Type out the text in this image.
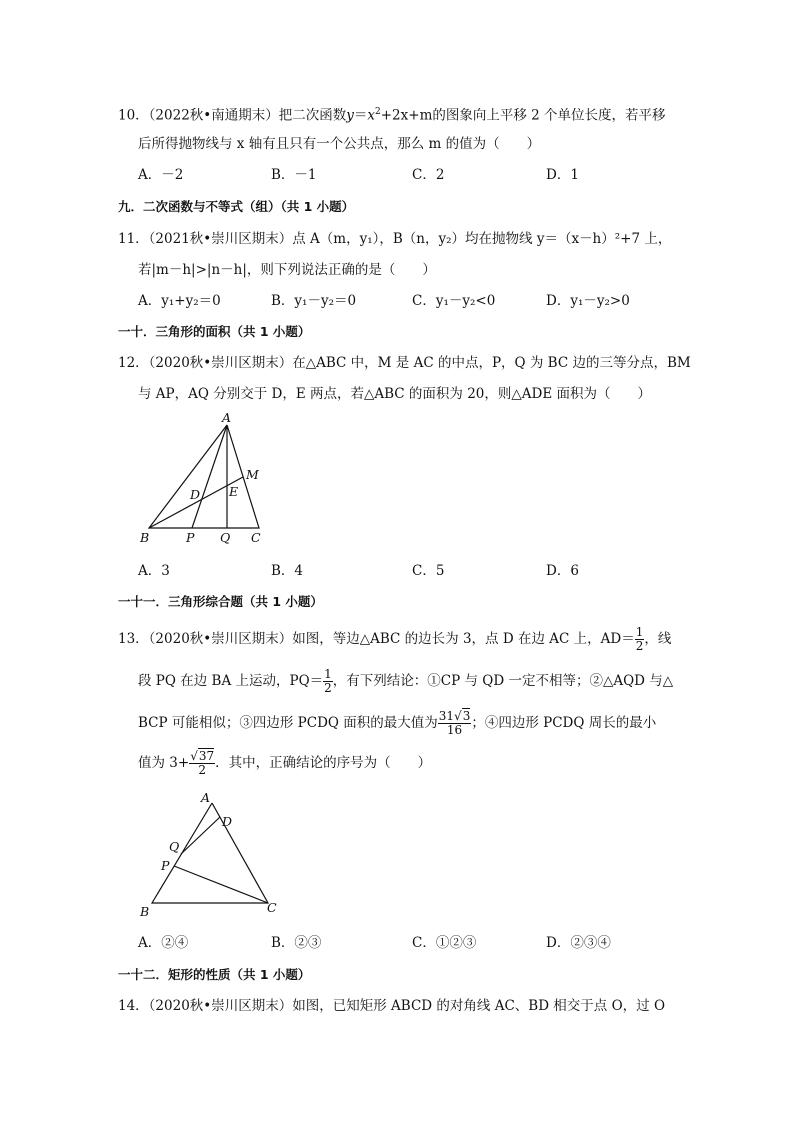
10．（2022秋•南通期末）把二次函数$y=x^2+2x+m$的图象向上平移 2 个单位长度，若平移
后所得抛物线与 x 轴有且只有一个公共点，那么 m 的值为（　　）
A．－2	B．－1	C．2	D．1
九．二次函数与不等式（组）（共 1 小题）
11．（2021秋•崇川区期末）点 A（m，y₁），B（n，y₂）均在抛物线 y＝（x－h）²+7 上，
若|m－h|>|n－h|，则下列说法正确的是（　　）
A．y₁+y₂＝0	B．y₁－y₂＝0	C．y₁－y₂<0	D．y₁－y₂>0
一十．三角形的面积（共 1 小题）
12．（2020秋•崇川区期末）在△ABC 中，M 是 AC 的中点，P，Q 为 BC 边的三等分点，BM
与 AP，AQ 分别交于 D，E 两点，若△ABC 的面积为 20，则△ADE 面积为（　　）
A
B	C
M
D E
P Q
A．3	B．4	C．5	D．6
一十一．三角形综合题（共 1 小题）
13．（2020秋•崇川区期末）如图，等边△ABC 的边长为 3，点 D 在边 AC 上，$AD= \frac{1}{2}$ ，线
段 PQ 在边 BA 上运动，$PQ= \frac{1}{2}$ ，有下列结论：①CP 与 QD 一定不相等；②△AQD 与△
BCP 可能相似；③四边形 PCDQ 面积的最大值为 $\frac{31√3}{16}$ ；④四边形 PCDQ 周长的最小
值为 $3+ \frac{√37}{2}$ ．其中，正确结论的序号为（　　）
A
B	C
D
Q
P
A．②④	B．②③	C．①②③	D．②③④
一十二．矩形的性质（共 1 小题）
14．（2020秋•崇川区期末）如图，已知矩形 ABCD 的对角线 AC、BD 相交于点 O，过 O
